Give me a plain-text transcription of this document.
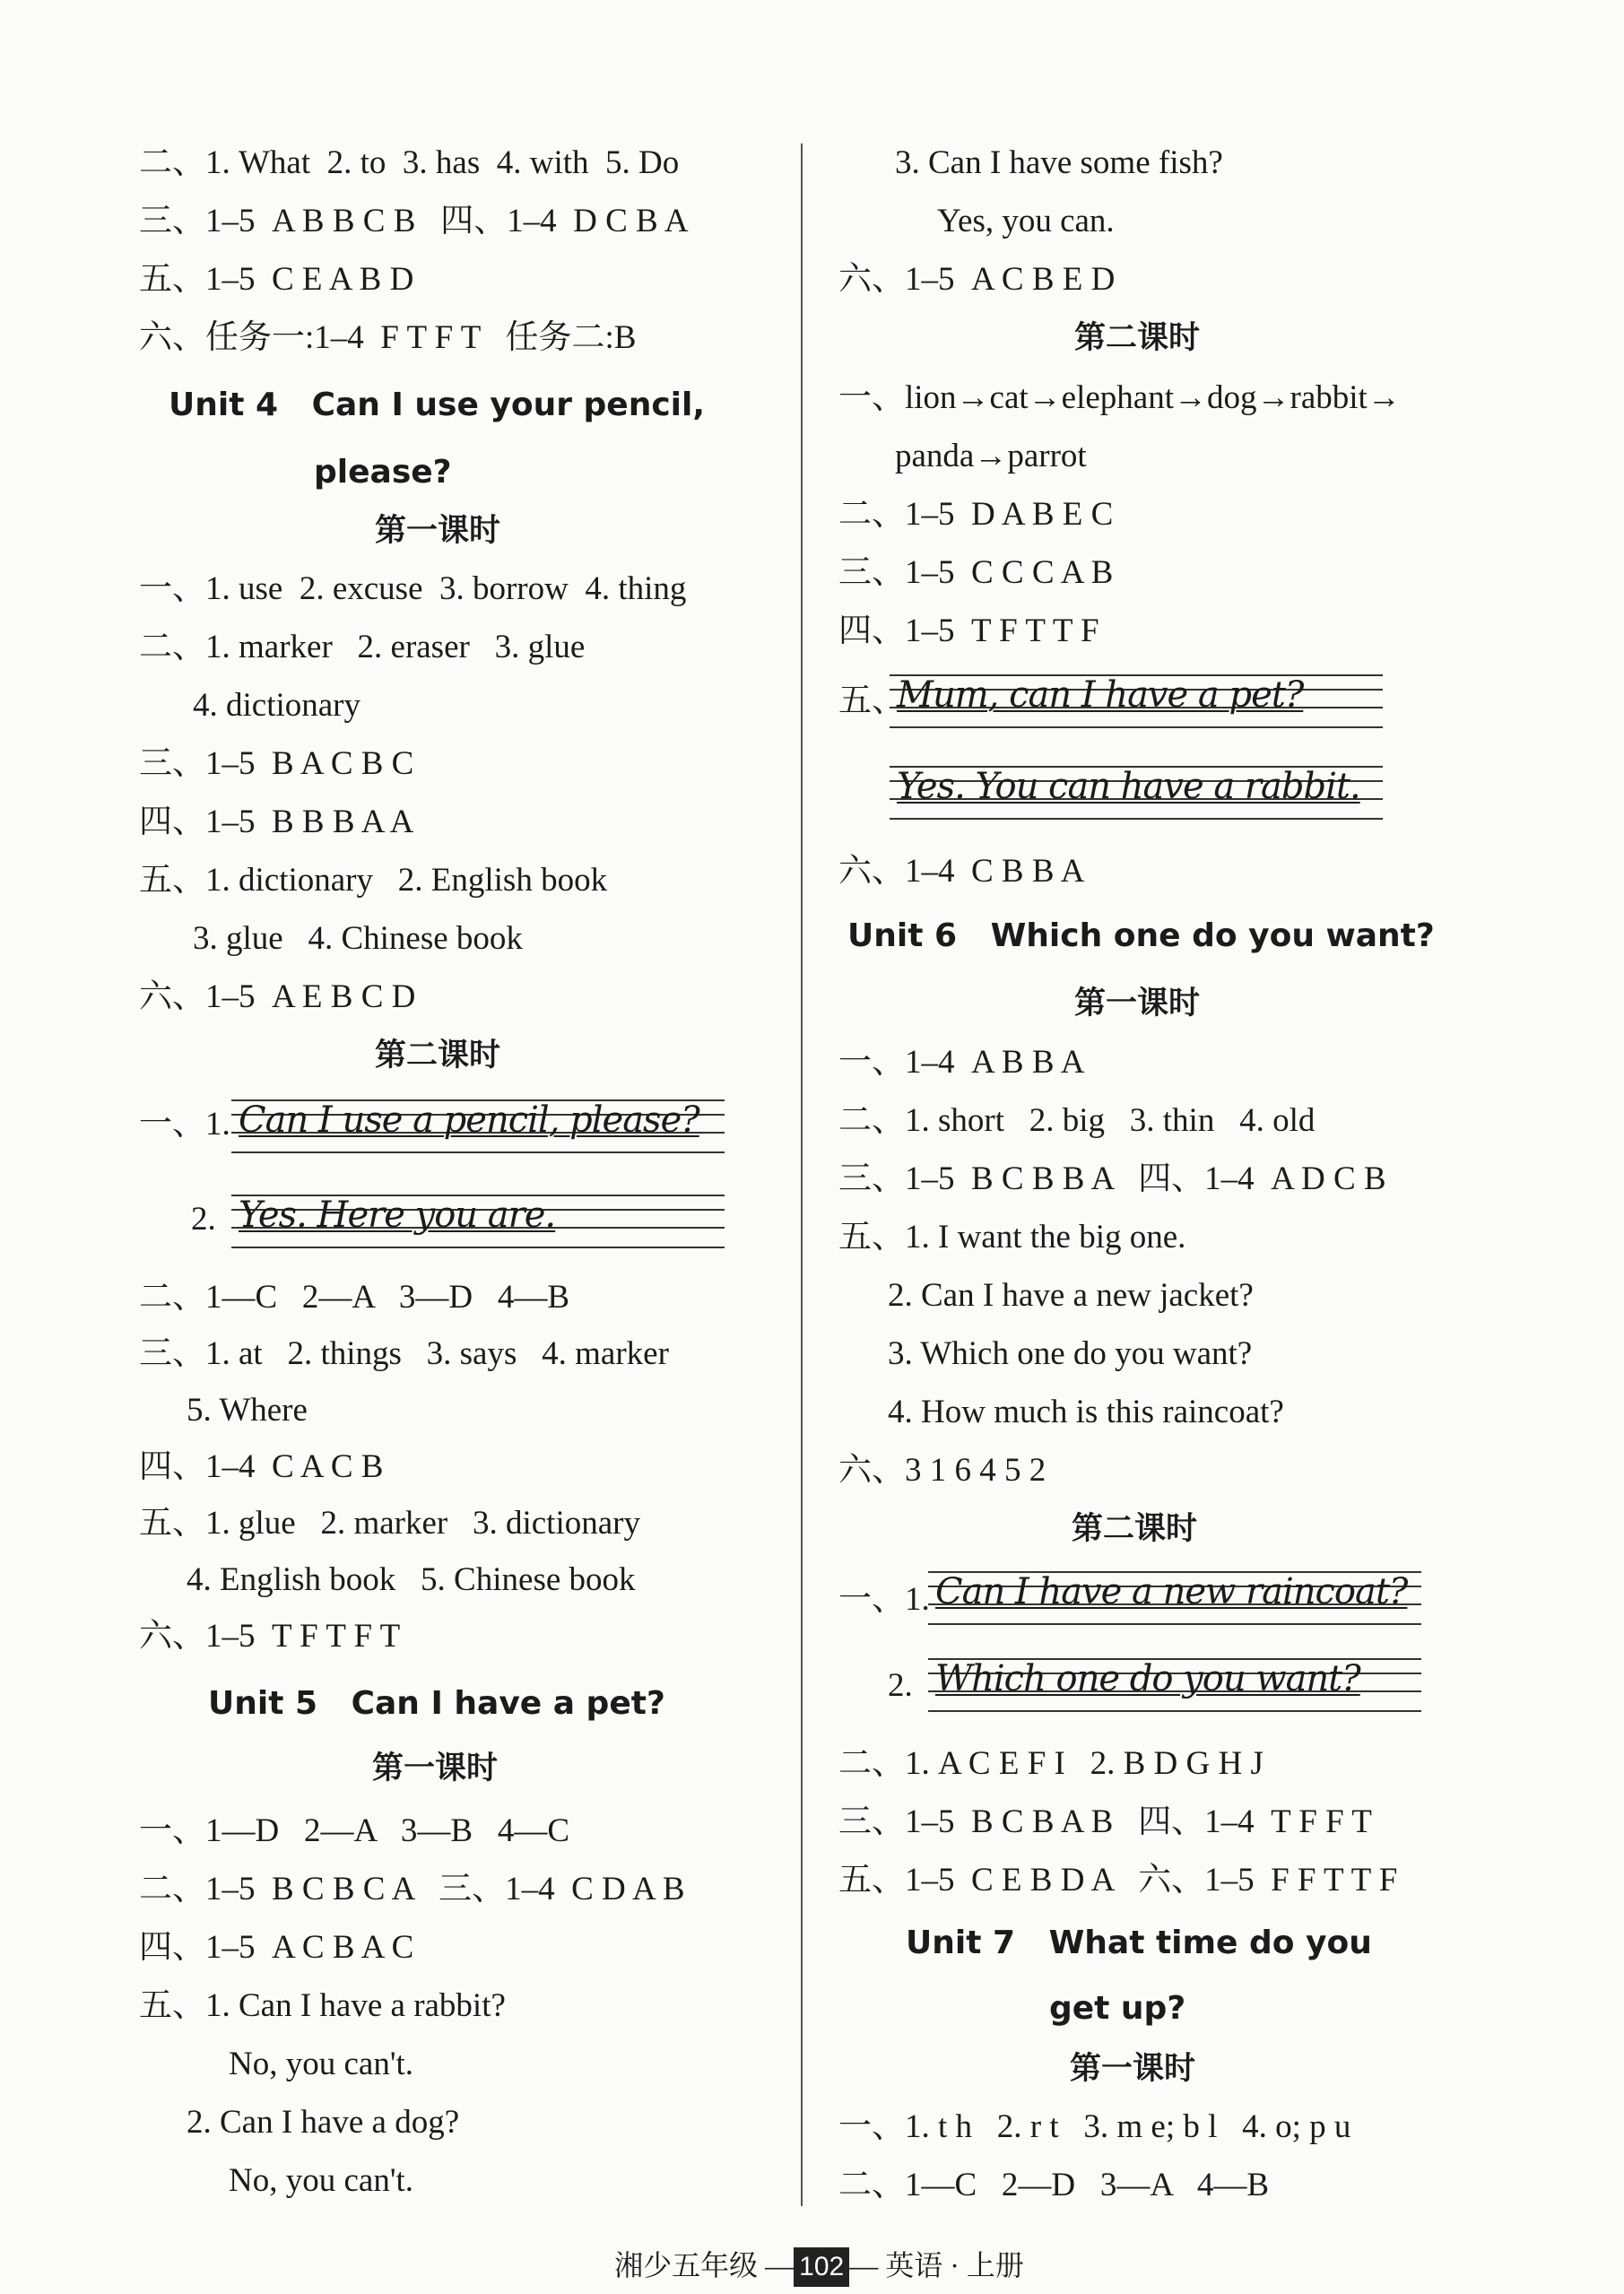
二、1. What  2. to  3. has  4. with  5. Do
三、1–5  A B B C B   四、1–4  D C B A
五、1–5  C E A B D
六、任务一:1–4  F T F T   任务二:B
Unit 4   Can I use your pencil,
please?
第一课时
一、1. use  2. excuse  3. borrow  4. thing
二、1. marker   2. eraser   3. glue
4. dictionary
三、1–5  B A C B C
四、1–5  B B B A A
五、1. dictionary   2. English book
3. glue   4. Chinese book
六、1–5  A E B C D
第二课时
一、1. Can I use a pencil, please?
2. Yes. Here you are.
二、1—C   2—A   3—D   4—B
三、1. at   2. things   3. says   4. marker
5. Where
四、1–4  C A C B
五、1. glue   2. marker   3. dictionary
4. English book   5. Chinese book
六、1–5  T F T F T
Unit 5   Can I have a pet?
第一课时
一、1—D   2—A   3—B   4—C
二、1–5  B C B C A   三、1–4  C D A B
四、1–5  A C B A C
五、1. Can I have a rabbit?
No, you can't.
2. Can I have a dog?
No, you can't.
3. Can I have some fish?
Yes, you can.
六、1–5  A C B E D
第二课时
一、lion→cat→elephant→dog→rabbit→
panda→parrot
二、1–5  D A B E C
三、1–5  C C C A B
四、1–5  T F T T F
五、
Mum, can I have a pet?
Yes. You can have a rabbit.
六、1–4  C B B A
Unit 6   Which one do you want?
第一课时
一、1–4  A B B A
二、1. short   2. big   3. thin   4. old
三、1–5  B C B B A   四、1–4  A D C B
五、1. I want the big one.
2. Can I have a new jacket?
3. Which one do you want?
4. How much is this raincoat?
六、3 1 6 4 5 2
第二课时
一、1. Can I have a new raincoat?
2. Which one do you want?
二、1. A C E F I   2. B D G H J
三、1–5  B C B A B   四、1–4  T F F T
五、1–5  C E B D A   六、1–5  F F T T F
Unit 7   What time do you
get up?
第一课时
一、1. t h   2. r t   3. m e; b l   4. o; p u
二、1—C   2—D   3—A   4—B

湘少五年级 — 102 — 英语 · 上册
